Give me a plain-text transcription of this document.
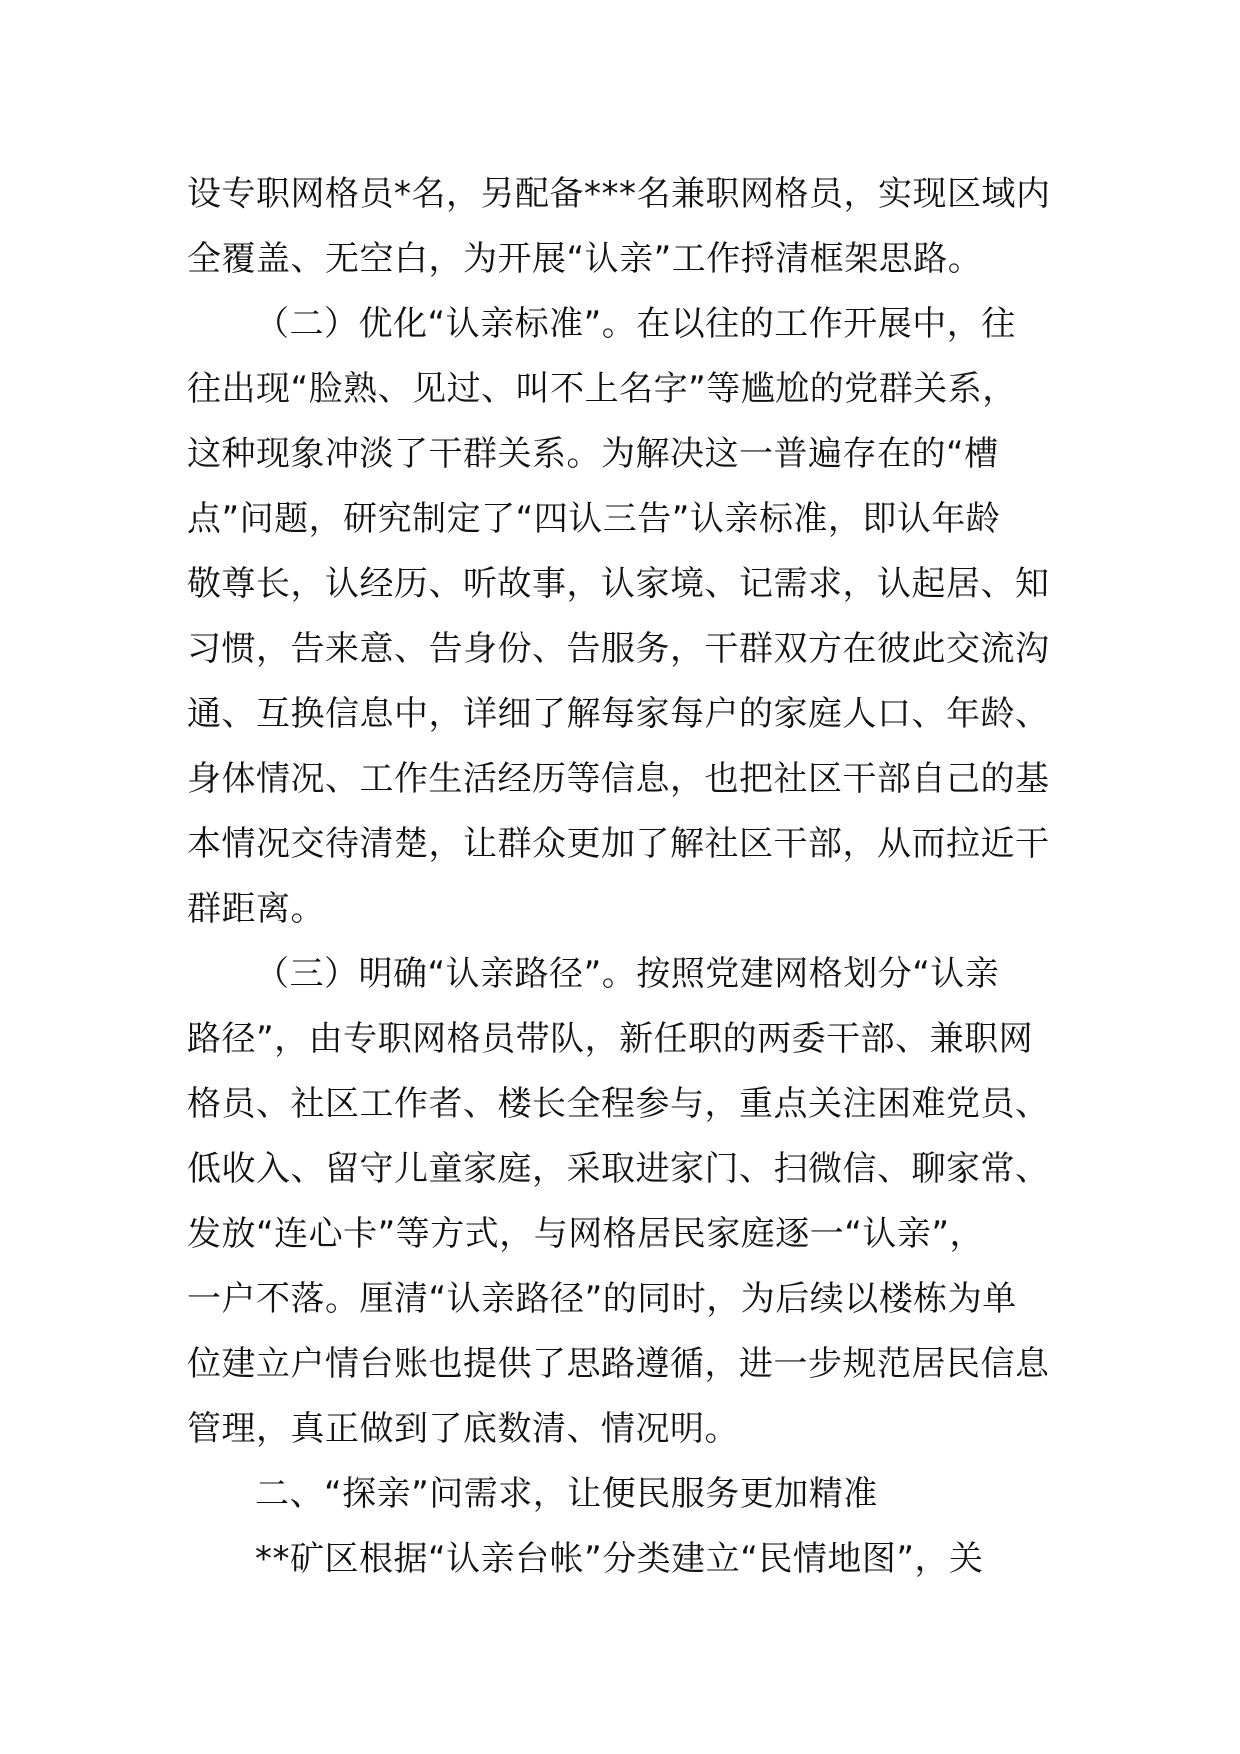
设专职网格员*名，另配备***名兼职网格员，实现区域内
全覆盖、无空白，为开展“认亲”工作捋清框架思路。
（二）优化“认亲标准”。在以往的工作开展中，往
往出现“脸熟、见过、叫不上名字”等尴尬的党群关系，
这种现象冲淡了干群关系。为解决这一普遍存在的“槽
点”问题，研究制定了“四认三告”认亲标准，即认年龄
敬尊长，认经历、听故事，认家境、记需求，认起居、知
习惯，告来意、告身份、告服务，干群双方在彼此交流沟
通、互换信息中，详细了解每家每户的家庭人口、年龄、
身体情况、工作生活经历等信息，也把社区干部自己的基
本情况交待清楚，让群众更加了解社区干部，从而拉近干
群距离。
（三）明确“认亲路径”。按照党建网格划分“认亲
路径”，由专职网格员带队，新任职的两委干部、兼职网
格员、社区工作者、楼长全程参与，重点关注困难党员、
低收入、留守儿童家庭，采取进家门、扫微信、聊家常、
发放“连心卡”等方式，与网格居民家庭逐一“认亲”，
一户不落。厘清“认亲路径”的同时，为后续以楼栋为单
位建立户情台账也提供了思路遵循，进一步规范居民信息
管理，真正做到了底数清、情况明。
二、“探亲”问需求，让便民服务更加精准
**矿区根据“认亲台帐”分类建立“民情地图”，关
